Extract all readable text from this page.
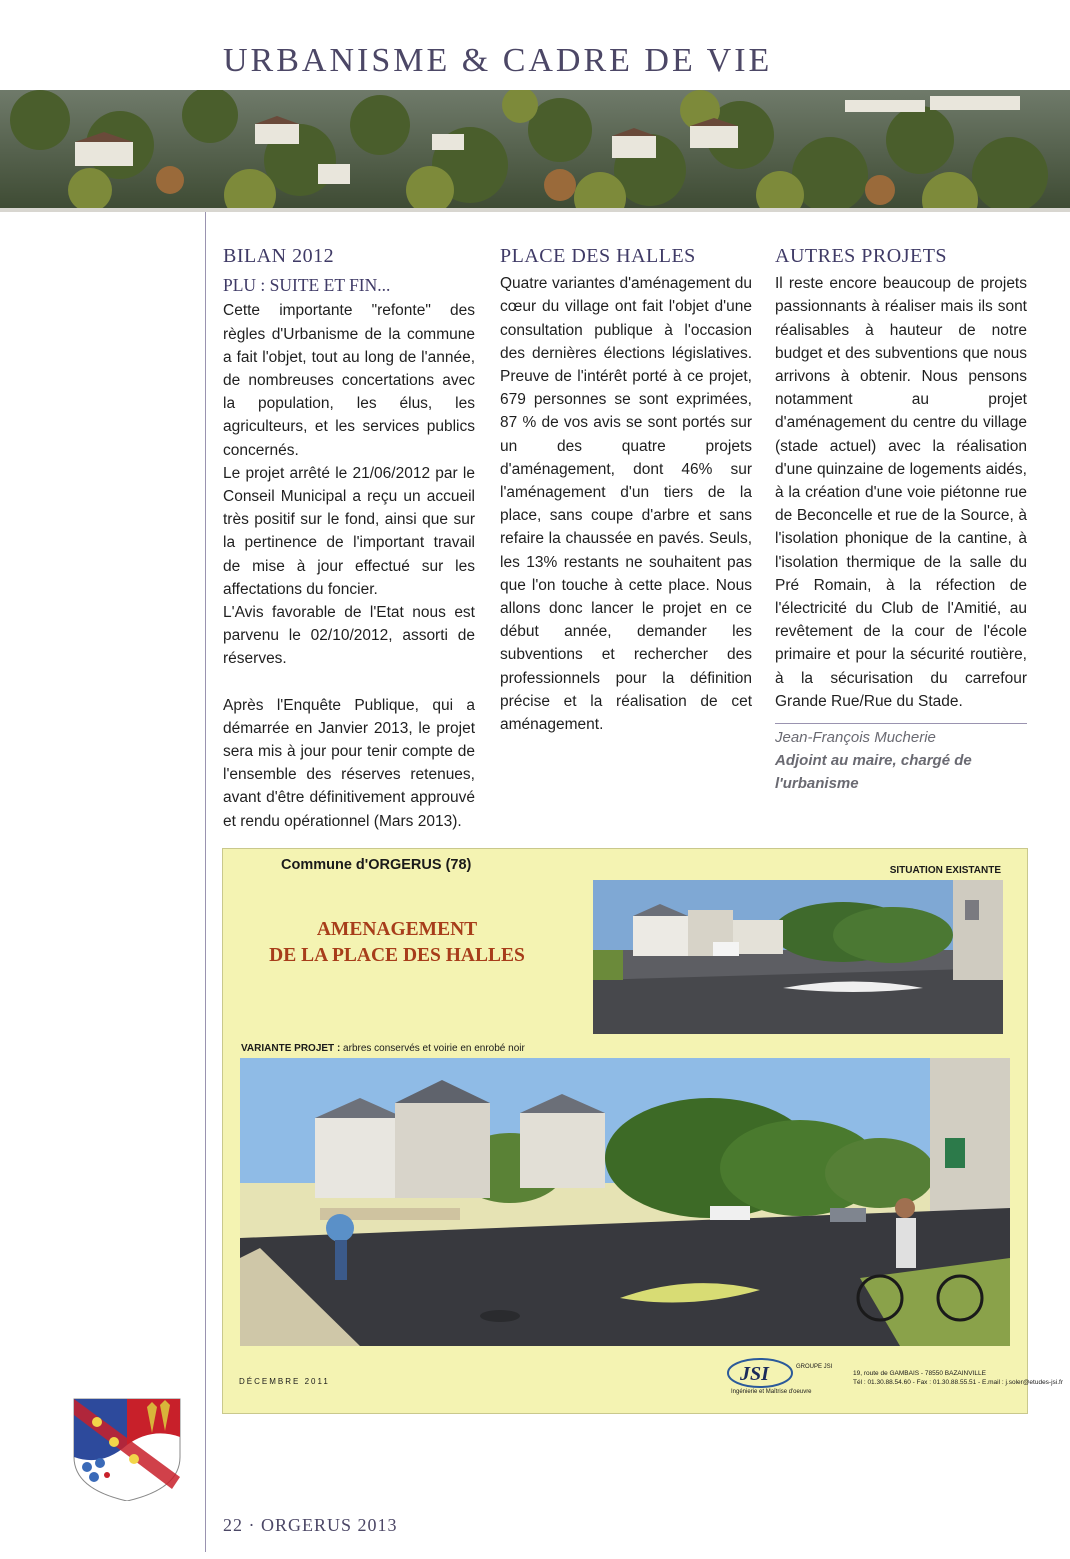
URBANISME & CADRE DE VIE
BILAN 2012
PLU : SUITE ET FIN...

Cette importante "refonte" des règles d'Urbanisme de la commune a fait l'objet, tout au long de l'année, de nombreuses concertations avec la population, les élus, les agriculteurs, et les services publics concernés.

Le projet arrêté le 21/06/2012 par le Conseil Municipal a reçu un accueil très positif sur le fond, ainsi que sur la pertinence de l'important travail de mise à jour effectué sur les affectations du foncier.

L'Avis favorable de l'Etat nous est parvenu le 02/10/2012, assorti de réserves.

Après l'Enquête Publique, qui a démarrée en Janvier 2013, le projet sera mis à jour pour tenir compte de l'ensemble des réserves retenues, avant d'être définitivement approuvé et rendu opérationnel (Mars 2013).

PLACE DES HALLES

Quatre variantes d'aménagement du cœur du village ont fait l'objet d'une consultation publique à l'occasion des dernières élections législatives. Preuve de l'intérêt porté à ce projet, 679 personnes se sont exprimées, 87 % de vos avis se sont portés sur un des quatre projets d'aménagement, dont 46% sur l'aménagement d'un tiers de la place, sans coupe d'arbre et sans refaire la chaussée en pavés. Seuls, les 13% restants ne souhaitent pas que l'on touche à cette place. Nous allons donc lancer le projet en ce début année, demander les subventions et rechercher des professionnels pour la définition précise et la réalisation de cet aménagement.

AUTRES PROJETS

Il reste encore beaucoup de projets passionnants à réaliser mais ils sont réalisables à hauteur de notre budget et des subventions que nous arrivons à obtenir. Nous pensons notamment au projet d'aménagement du centre du village (stade actuel) avec la réalisation d'une quinzaine de logements aidés, à la création d'une voie piétonne rue de Beconcelle et rue de la Source, à l'isolation phonique de la cantine, à l'isolation thermique de la salle du Pré Romain, à la réfection de l'électricité du Club de l'Amitié, au revêtement de la cour de l'école primaire et pour la sécurité routière, à la sécurisation du carrefour Grande Rue/Rue du Stade.

Jean-François Mucherie
Adjoint au maire, chargé de l'urbanisme
Commune d'ORGERUS (78)	SITUATION EXISTANTE
AMENAGEMENT
DE LA PLACE DES HALLES
VARIANTE PROJET : arbres conservés et voirie en enrobé noir
DÉCEMBRE 2011	JSI	GROUPE JSI
Ingénierie et Maîtrise d'oeuvre
19, route de GAMBAIS - 78550 BAZAINVILLE
Tél : 01.30.88.54.60 - Fax : 01.30.88.55.51 - E.mail : j.soler@etudes-jsi.fr
22 · ORGERUS 2013
